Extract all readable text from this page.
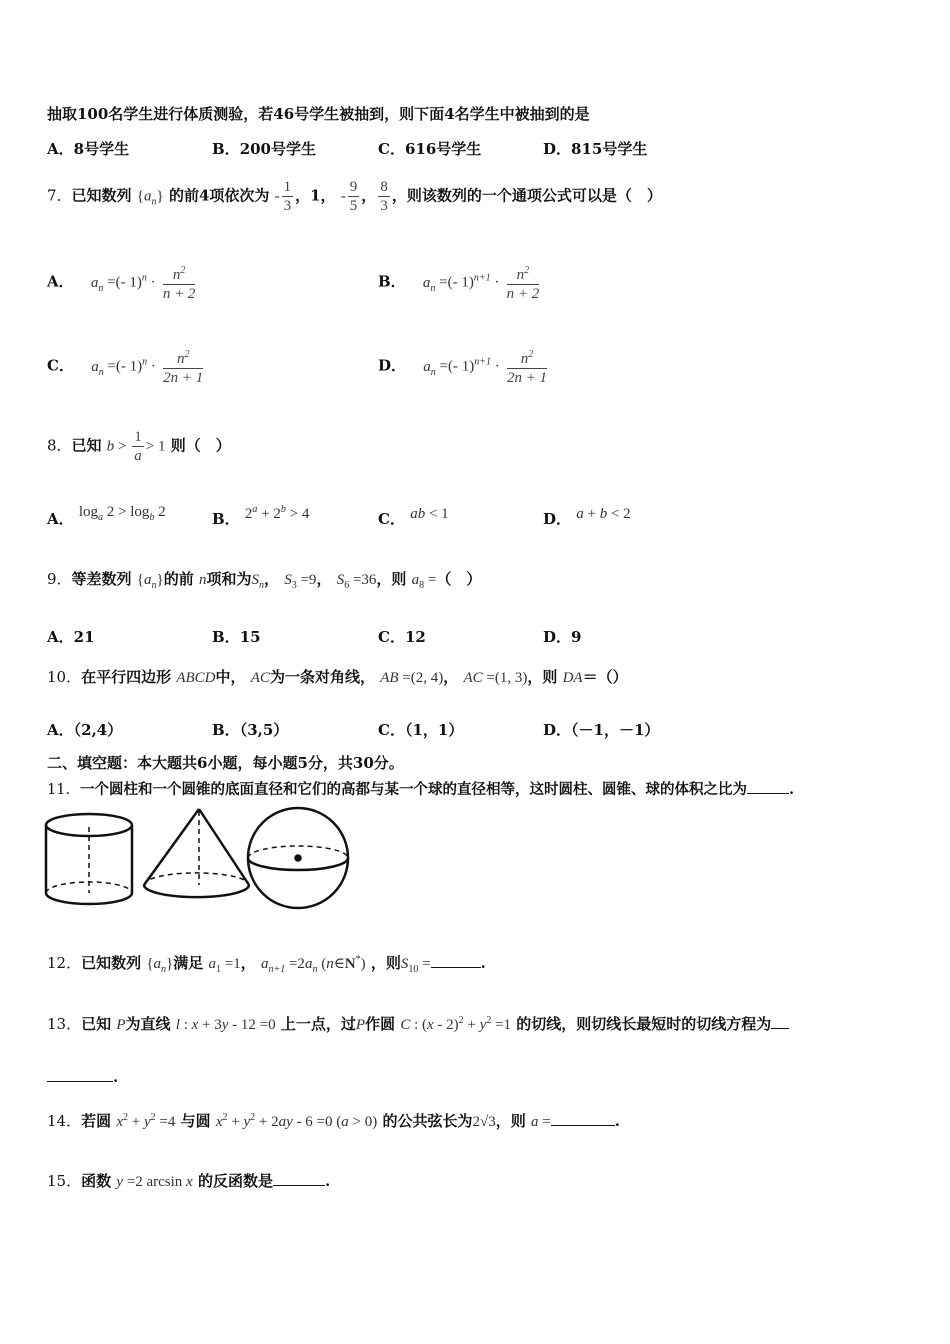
抽取100名学生进行体质测验，若46号学生被抽到，则下面4名学生中被抽到的是
A．8号学生	B．200号学生	C．616号学生	D．815号学生
7．已知数列 $\{a_n\}$ 的前4项依次为 - $\frac{1}{3}$ ，1， - $\frac{9}{5}$ ， $\frac{8}{3}$ ，则该数列的一个通项公式可以是（　）
A． $a_n$ =(- $1)^n \cdot \frac{n^2}{n + 2}$	B． $a_n$ =(- $1)^{n+1} \cdot \frac{n^2}{n + 2}$
C． $a_n$ =(- $1)^n \cdot \frac{n^2}{2n + 1}$	D． $a_n$ =(- $1)^{n+1} \cdot \frac{n^2}{2n + 1}$
8．已知 $b > \frac{1}{a} > 1$ 则（　）
A． $\log_a 2 > \log_b 2$	B． $2^a + 2^b > 4$	C． ab < 1	D． a + b < 2
9．等差数列 $\{a_n\}$的前 n项和为$S_n$， $S_3 =9$， $S_6 =36$，则 $a_8$ =（　）
A．21	B．15	C．12	D．9
10．在平行四边形 ABCD中， AC为一条对角线， AB =(2, 4)， AC =(1, 3)，则 DA＝（）
A．（2,4）	B．（3,5）	C．（1，1）	D．（－1，－1）
二、填空题：本大题共6小题，每小题5分，共30分。
11．一个圆柱和一个圆锥的底面直径和它们的高都与某一个球的直径相等，这时圆柱、圆锥、球的体积之比为	.
12．已知数列 $\{a_n\}$满足 $a_1 =1$， $a_{n+1} =2a_n$ (n∈N*) ，则$S_{10}$ =	.
13．已知 P为直线 l : x + 3y - 12 =0 上一点，过P作圆 C : $(x - 2)^2 + y^2 =1$ 的切线，则切线长最短时的切线方程为
.
14．若圆 $x^2 + y^2 =4$ 与圆 $x^2 + y^2 + 2ay - 6 =0$ (a > 0) 的公共弦长为2√3，则 a =	.
15．函数 y =2 arcsin x 的反函数是	.
